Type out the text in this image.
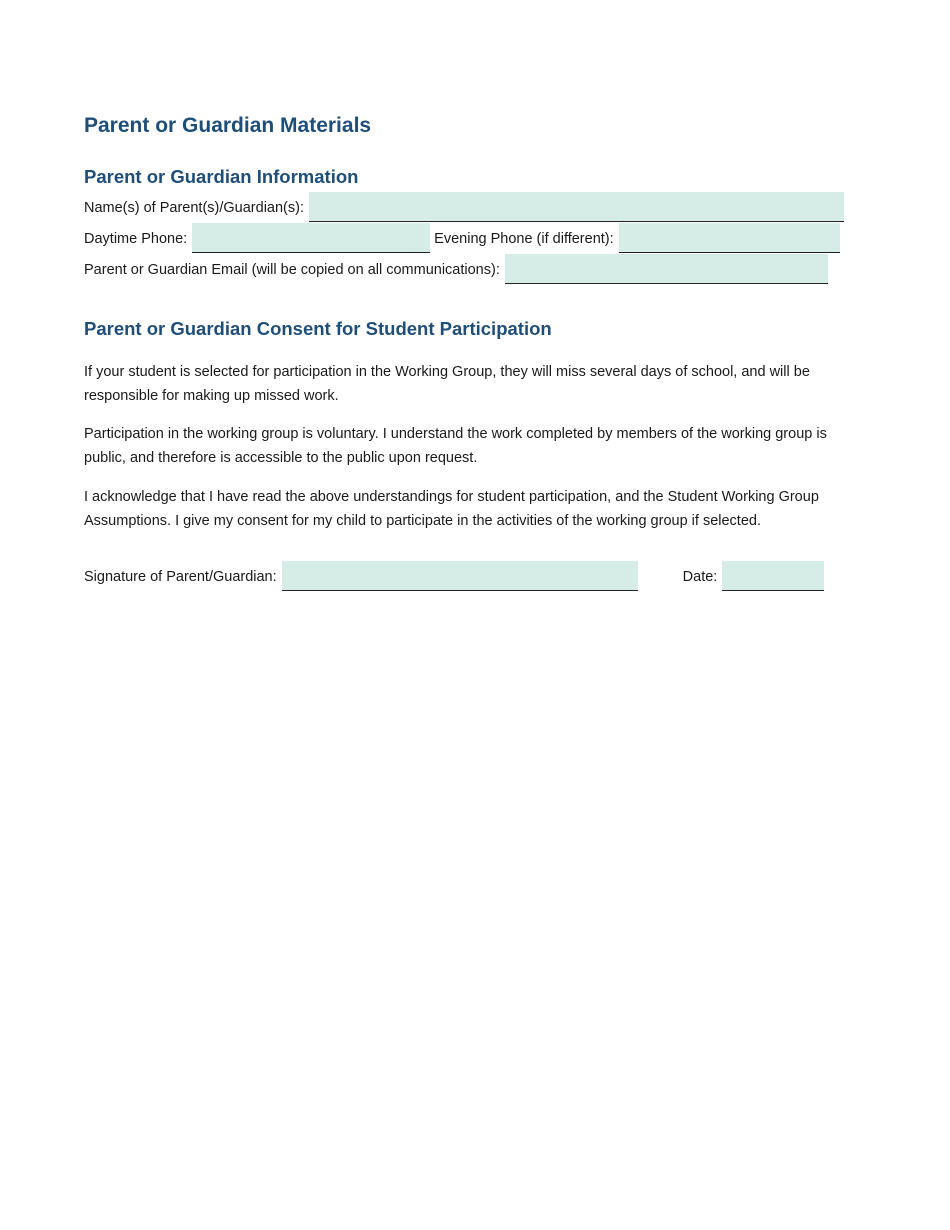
Parent or Guardian Materials
Parent or Guardian Information
Name(s) of Parent(s)/Guardian(s):
Daytime Phone:	Evening Phone (if different):
Parent or Guardian Email (will be copied on all communications):
Parent or Guardian Consent for Student Participation

If your student is selected for participation in the Working Group, they will miss several days of school, and will be responsible for making up missed work.

Participation in the working group is voluntary. I understand the work completed by members of the working group is public, and therefore is accessible to the public upon request.

I acknowledge that I have read the above understandings for student participation, and the Student Working Group Assumptions. I give my consent for my child to participate in the activities of the working group if selected.

Signature of Parent/Guardian:	Date:
